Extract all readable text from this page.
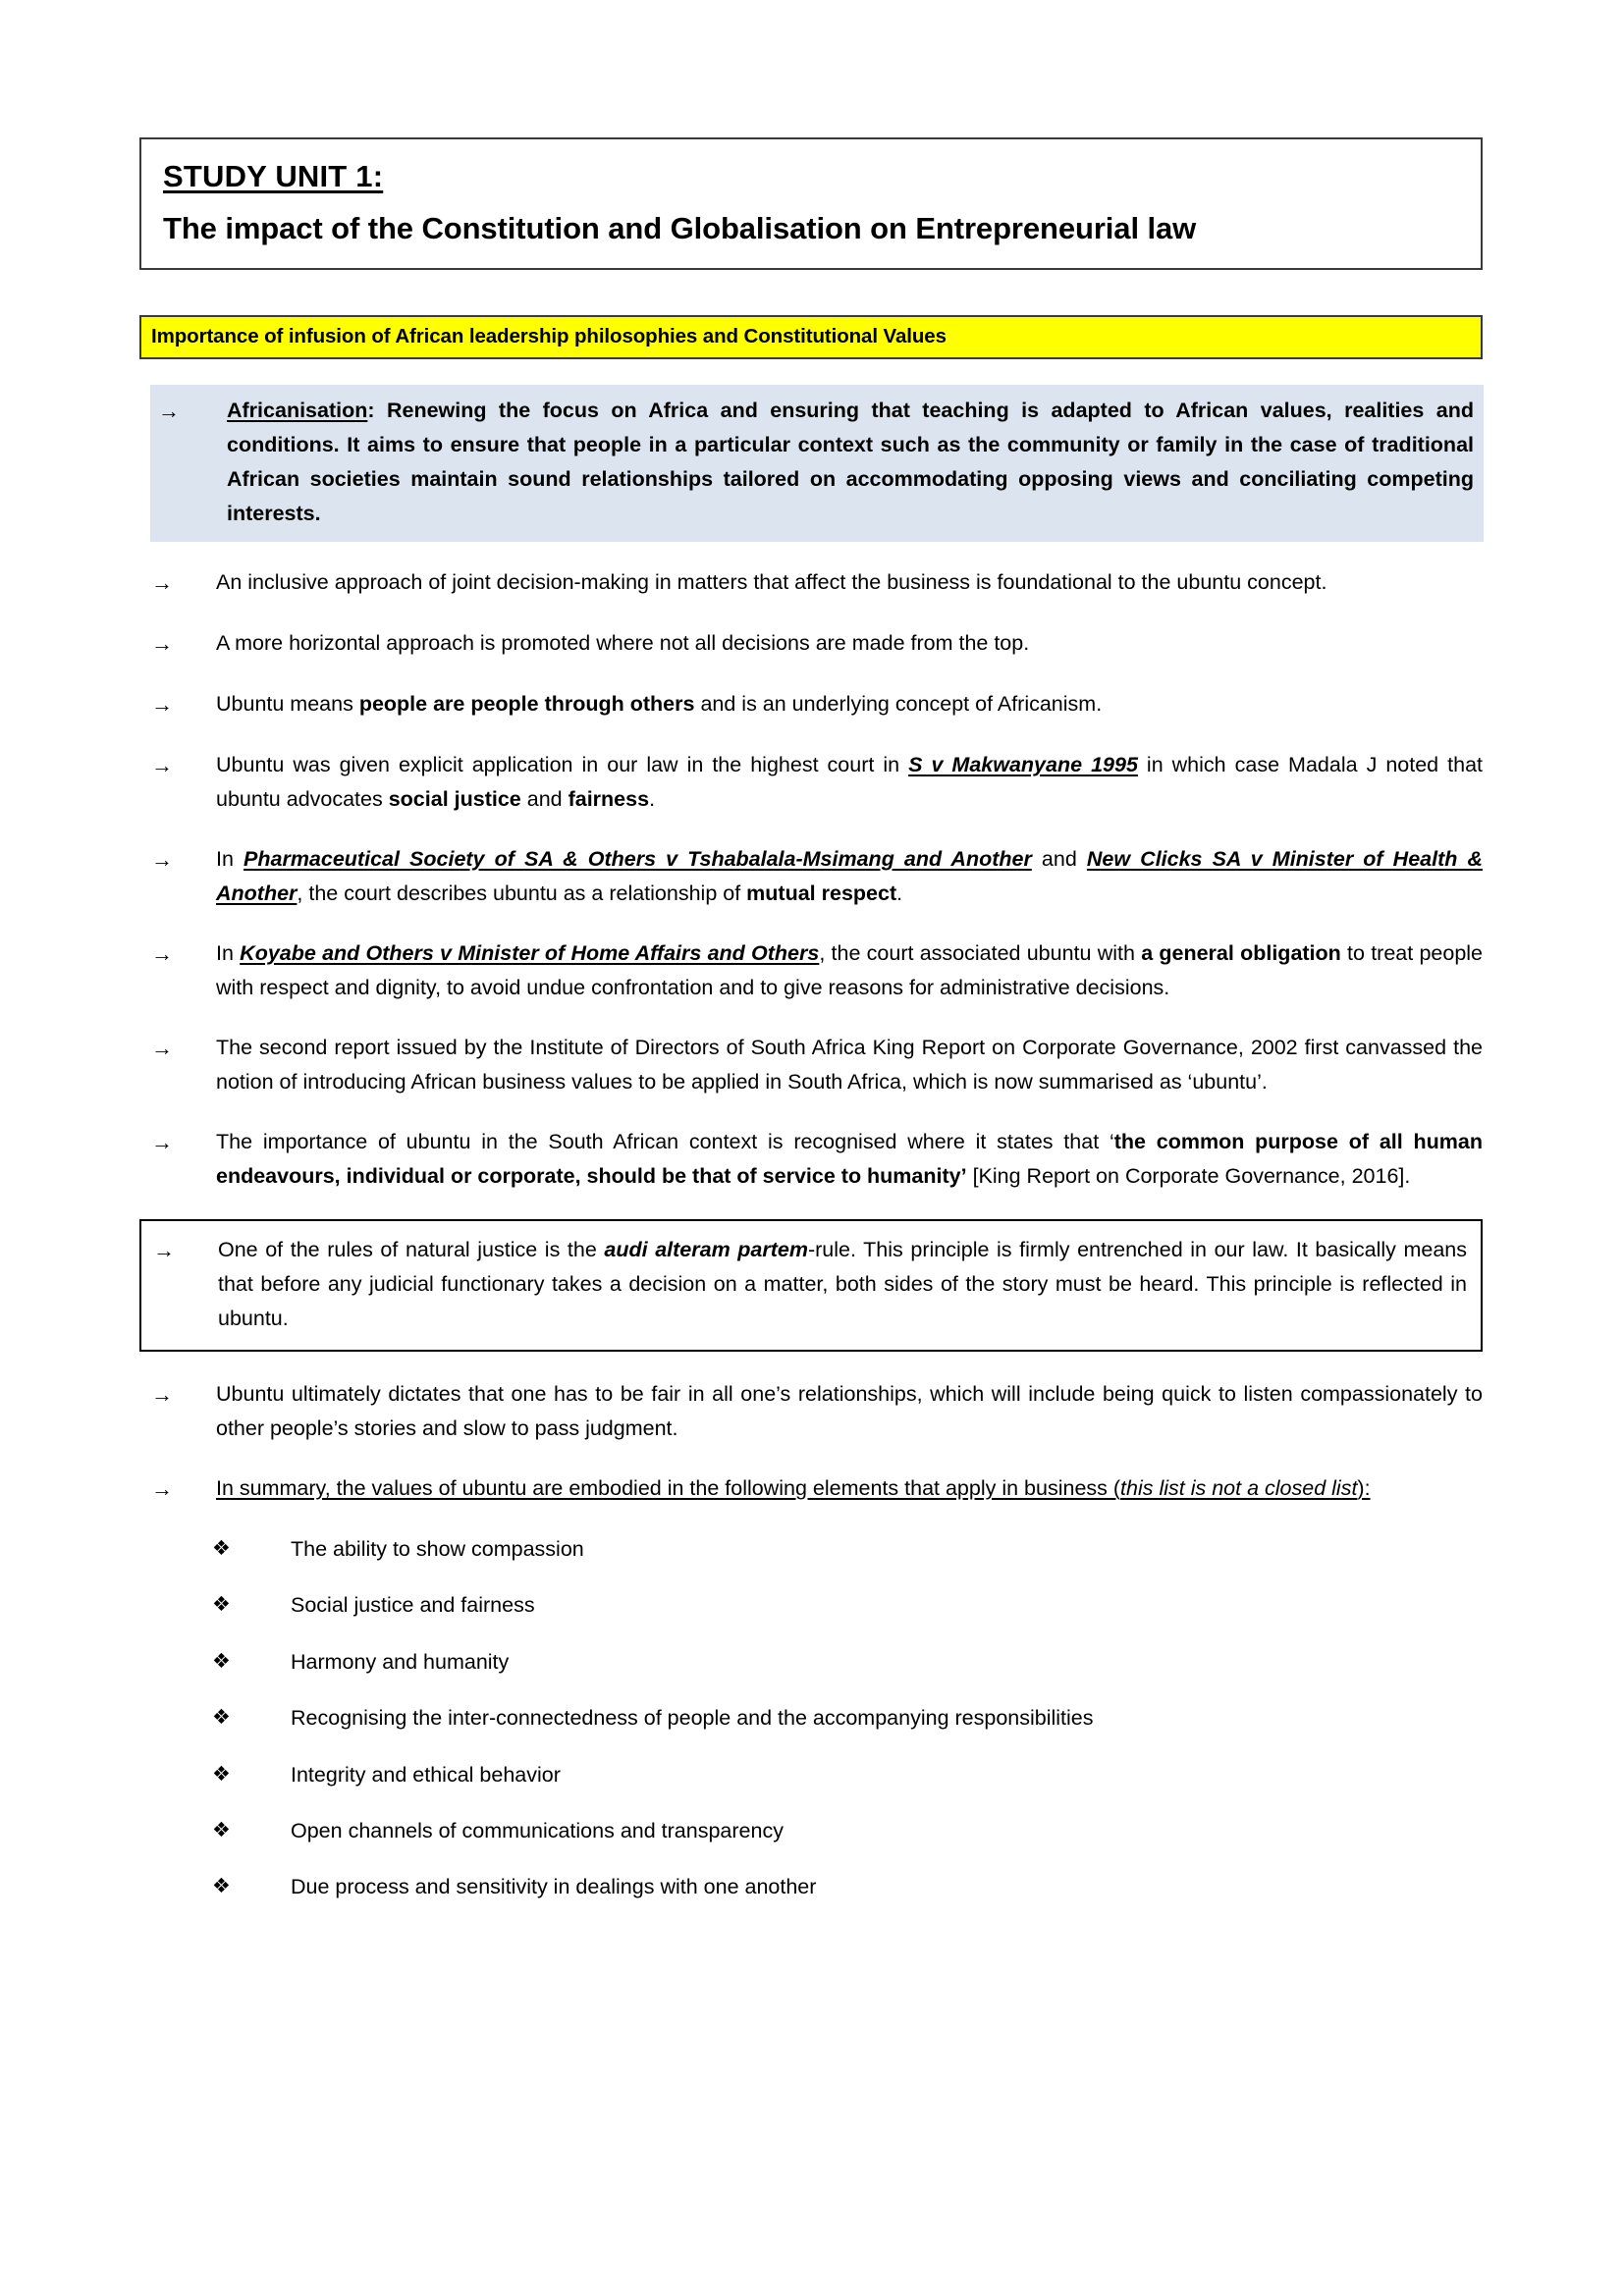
STUDY UNIT 1:
The impact of the Constitution and Globalisation on Entrepreneurial law
Importance of infusion of African leadership philosophies and Constitutional Values
→	Africanisation: Renewing the focus on Africa and ensuring that teaching is adapted to African values, realities and conditions. It aims to ensure that people in a particular context such as the community or family in the case of traditional African societies maintain sound relationships tailored on accommodating opposing views and conciliating competing interests.
→	An inclusive approach of joint decision-making in matters that affect the business is foundational to the ubuntu concept.
→	A more horizontal approach is promoted where not all decisions are made from the top.
→	Ubuntu means people are people through others and is an underlying concept of Africanism.
→	Ubuntu was given explicit application in our law in the highest court in S v Makwanyane 1995 in which case Madala J noted that ubuntu advocates social justice and fairness.
→	In Pharmaceutical Society of SA & Others v Tshabalala-Msimang and Another and New Clicks SA v Minister of Health & Another, the court describes ubuntu as a relationship of mutual respect.
→	In Koyabe and Others v Minister of Home Affairs and Others, the court associated ubuntu with a general obligation to treat people with respect and dignity, to avoid undue confrontation and to give reasons for administrative decisions.
→	The second report issued by the Institute of Directors of South Africa King Report on Corporate Governance, 2002 first canvassed the notion of introducing African business values to be applied in South Africa, which is now summarised as ‘ubuntu’.
→	The importance of ubuntu in the South African context is recognised where it states that ‘the common purpose of all human endeavours, individual or corporate, should be that of service to humanity’ [King Report on Corporate Governance, 2016].
→	One of the rules of natural justice is the audi alteram partem-rule. This principle is firmly entrenched in our law. It basically means that before any judicial functionary takes a decision on a matter, both sides of the story must be heard. This principle is reflected in ubuntu.
→	Ubuntu ultimately dictates that one has to be fair in all one’s relationships, which will include being quick to listen compassionately to other people’s stories and slow to pass judgment.
→	In summary, the values of ubuntu are embodied in the following elements that apply in business (this list is not a closed list):
❖	The ability to show compassion
❖	Social justice and fairness
❖	Harmony and humanity
❖	Recognising the inter-connectedness of people and the accompanying responsibilities
❖	Integrity and ethical behavior
❖	Open channels of communications and transparency
❖	Due process and sensitivity in dealings with one another
